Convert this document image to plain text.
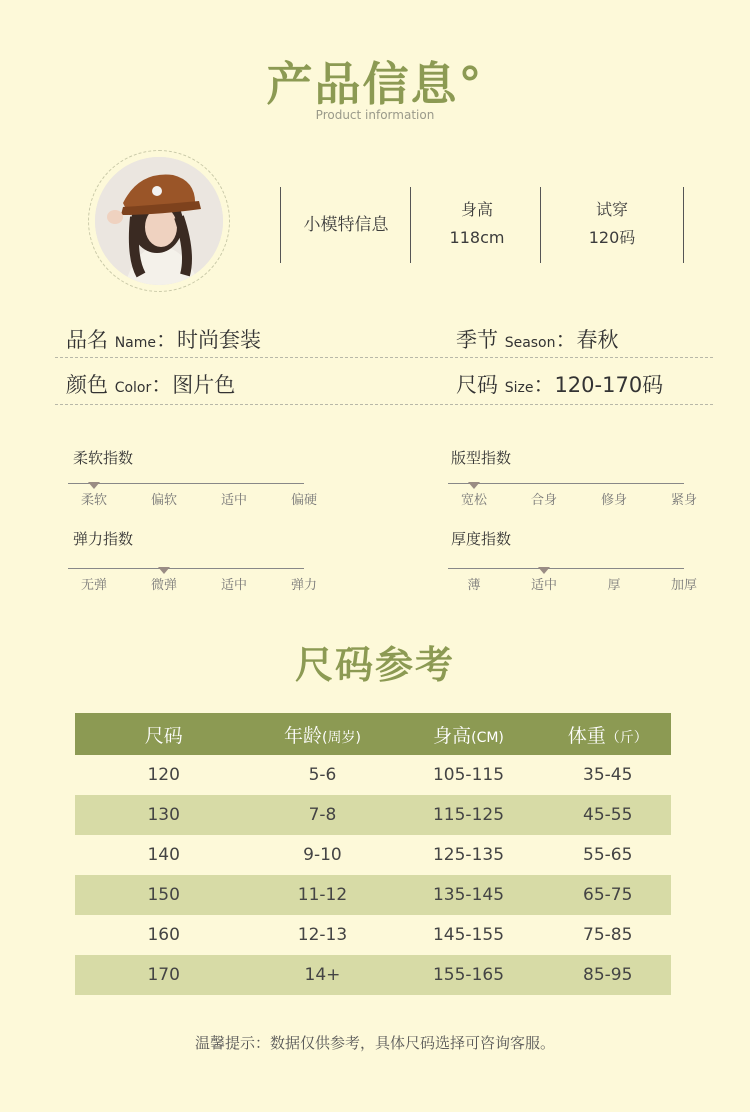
产品信息°
Product information
小模特信息
身高
118cm
试穿
120码
品名 Name：时尚套装	季节 Season：春秋
颜色 Color：图片色	尺码 Size：120-170码
柔软指数
柔软	偏软	适中	偏硬
版型指数
宽松	合身	修身	紧身
弹力指数
无弹	微弹	适中	弹力
厚度指数
薄	适中	厚	加厚
尺码参考
尺码	年龄(周岁)	身高(CM)	体重（斤）
120	5-6	105-115	35-45
130	7-8	115-125	45-55
140	9-10	125-135	55-65
150	11-12	135-145	65-75
160	12-13	145-155	75-85
170	14+	155-165	85-95
温馨提示：数据仅供参考，具体尺码选择可咨询客服。
